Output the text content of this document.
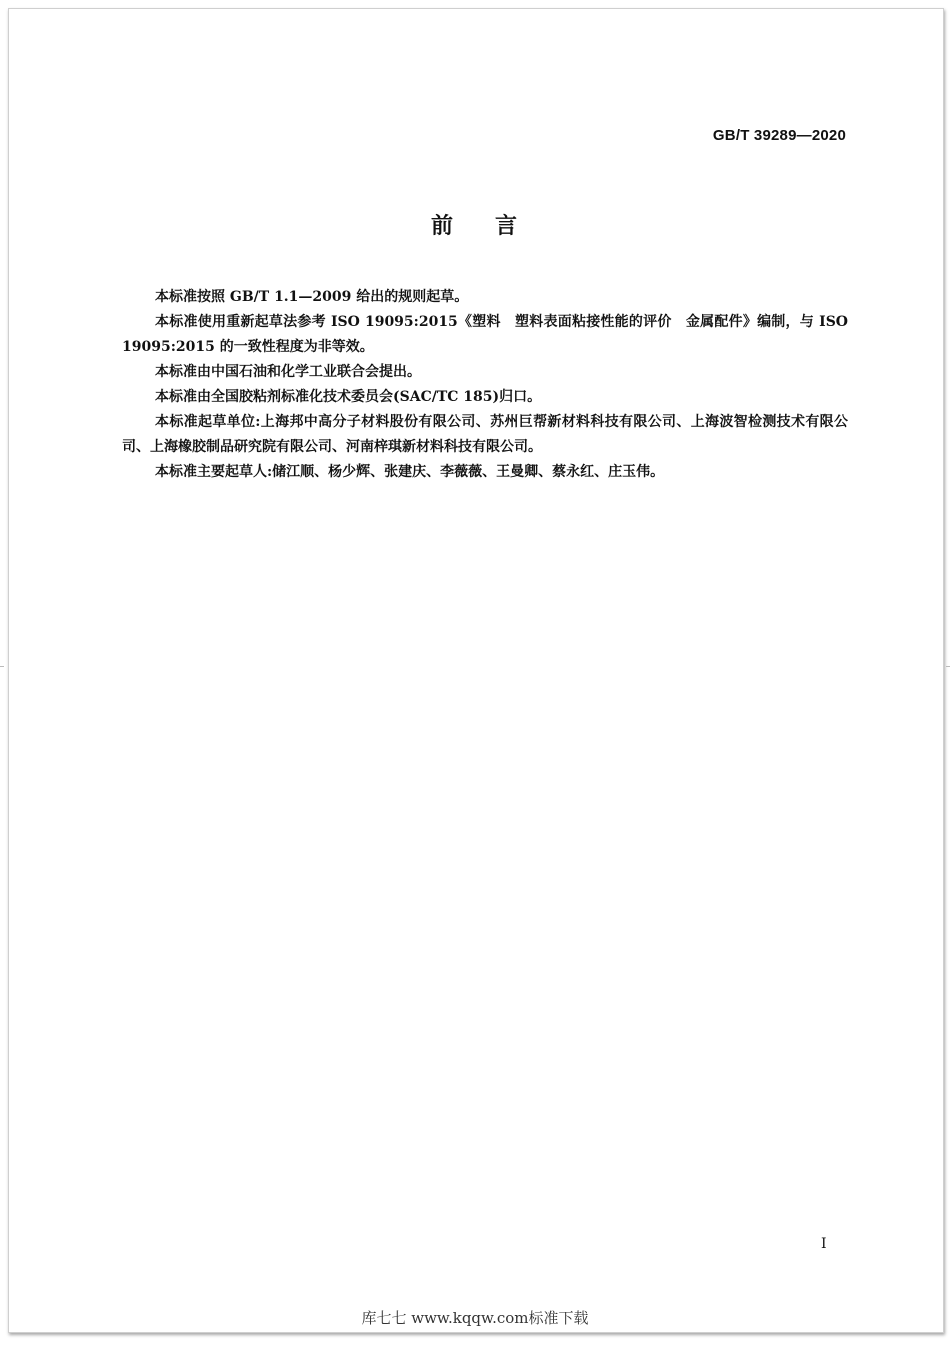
GB/T 39289—2020
前 言

本标准按照 GB/T 1.1—2009 给出的规则起草。

本标准使用重新起草法参考 ISO 19095:2015《塑料　塑料表面粘接性能的评价　金属配件》编制，与 ISO 19095:2015 的一致性程度为非等效。

本标准由中国石油和化学工业联合会提出。

本标准由全国胶粘剂标准化技术委员会(SAC/TC 185)归口。

本标准起草单位:上海邦中高分子材料股份有限公司、苏州巨帮新材料科技有限公司、上海波智检测技术有限公司、上海橡胶制品研究院有限公司、河南梓琪新材料科技有限公司。

本标准主要起草人:储江顺、杨少辉、张建庆、李薇薇、王曼卿、蔡永红、庄玉伟。

I
库七七 www.kqqw.com标准下载
